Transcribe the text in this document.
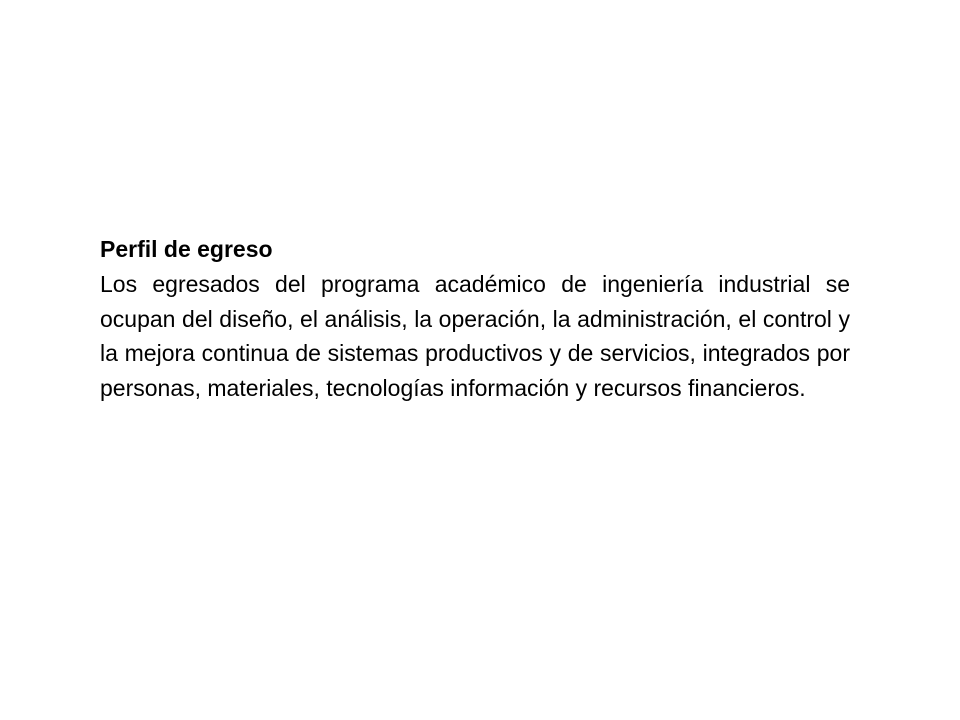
Perfil de egreso

Los egresados del programa académico de ingeniería industrial se ocupan del diseño, el análisis, la operación, la administración, el control y la mejora continua de sistemas productivos y de servicios, integrados por personas, materiales, tecnologías información y recursos financieros.
